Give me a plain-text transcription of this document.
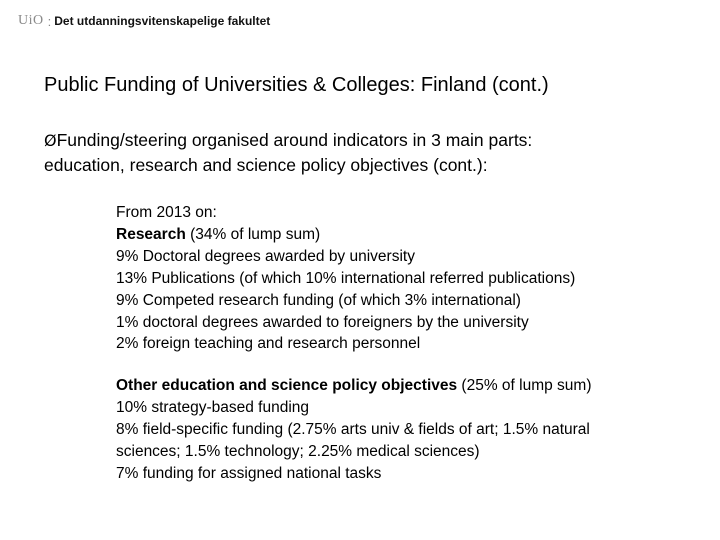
UiO : Det utdanningsvitenskapelige fakultet
Public Funding of Universities & Colleges: Finland (cont.)
ØFunding/steering organised around indicators in 3 main parts:
education, research and science policy objectives (cont.):
From 2013 on:
Research (34% of lump sum)
9% Doctoral degrees awarded by university
13% Publications (of which 10% international referred publications)
9% Competed research funding (of which 3% international)
1% doctoral degrees awarded to foreigners by the university
2% foreign teaching and research personnel
Other education and science policy objectives (25% of lump sum)
10% strategy-based funding
8% field-specific funding (2.75% arts univ & fields of art; 1.5% natural
sciences; 1.5% technology; 2.25% medical sciences)
7% funding for assigned national tasks
